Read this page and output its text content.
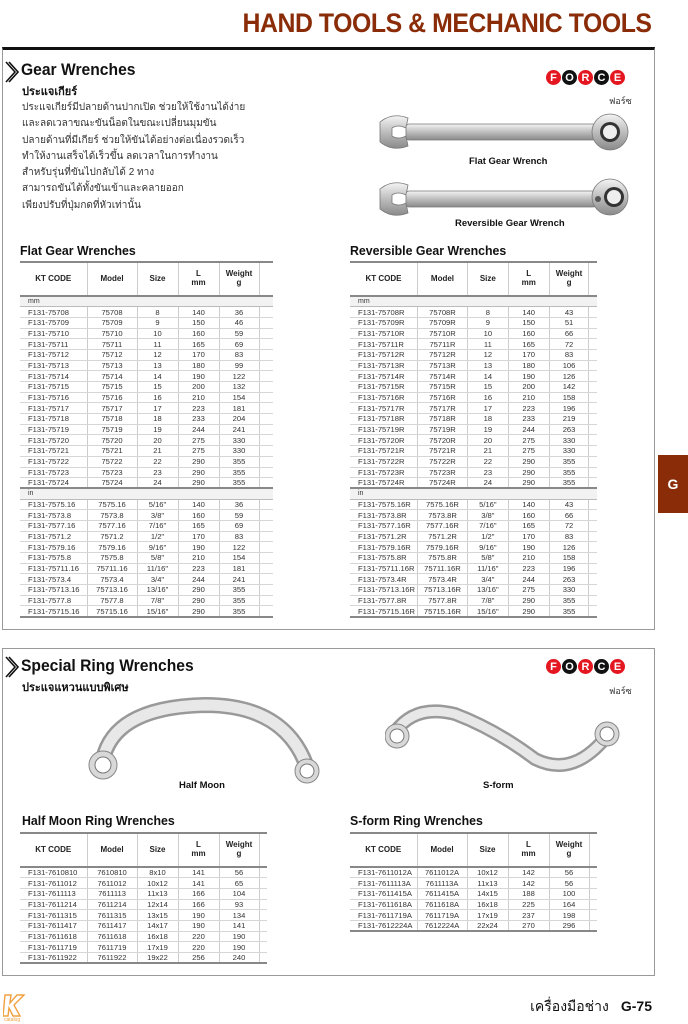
HAND TOOLS & MECHANIC TOOLS
Gear Wrenches
ประแจเกียร์
ประแจเกียร์มีปลายด้านปากเปิด ช่วยให้ใช้งานได้ง่าย
และลดเวลาขณะขันน็อตในขณะเปลี่ยนมุมขัน
ปลายด้านที่มีเกียร์ ช่วยให้ขันได้อย่างต่อเนื่องรวดเร็ว
ทำให้งานเสร็จได้เร็วขึ้น ลดเวลาในการทำงาน
สำหรับรุ่นที่ขันไปกลับได้ 2 ทาง
สามารถขันได้ทั้งขันเข้าและคลายออก
เพียงปรับที่ปุ่มกดที่หัวเท่านั้น
F O R C E
ฟอร์ซ
Flat Gear Wrench
Reversible Gear Wrench
Flat Gear Wrenches
KT CODE	Model	Size	L
mm	Weight
g	
mm					
F131-75708	75708	8	140	36	
F131-75709	75709	9	150	46	
F131-75710	75710	10	160	59	
F131-75711	75711	11	165	69	
F131-75712	75712	12	170	83	
F131-75713	75713	13	180	99	
F131-75714	75714	14	190	122	
F131-75715	75715	15	200	132	
F131-75716	75716	16	210	154	
F131-75717	75717	17	223	181	
F131-75718	75718	18	233	204	
F131-75719	75719	19	244	241	
F131-75720	75720	20	275	330	
F131-75721	75721	21	275	330	
F131-75722	75722	22	290	355	
F131-75723	75723	23	290	355	
F131-75724	75724	24	290	355	
in					
F131-7575.16	7575.16	5/16"	140	36	
F131-7573.8	7573.8	3/8"	160	59	
F131-7577.16	7577.16	7/16"	165	69	
F131-7571.2	7571.2	1/2"	170	83	
F131-7579.16	7579.16	9/16"	190	122	
F131-7575.8	7575.8	5/8"	210	154	
F131-75711.16	75711.16	11/16"	223	181	
F131-7573.4	7573.4	3/4"	244	241	
F131-75713.16	75713.16	13/16"	290	355	
F131-7577.8	7577.8	7/8"	290	355	
F131-75715.16	75715.16	15/16"	290	355	
Reversible Gear Wrenches
KT CODE	Model	Size	L
mm	Weight
g	
mm					
F131-75708R	75708R	8	140	43	
F131-75709R	75709R	9	150	51	
F131-75710R	75710R	10	160	66	
F131-75711R	75711R	11	165	72	
F131-75712R	75712R	12	170	83	
F131-75713R	75713R	13	180	106	
F131-75714R	75714R	14	190	126	
F131-75715R	75715R	15	200	142	
F131-75716R	75716R	16	210	158	
F131-75717R	75717R	17	223	196	
F131-75718R	75718R	18	233	219	
F131-75719R	75719R	19	244	263	
F131-75720R	75720R	20	275	330	
F131-75721R	75721R	21	275	330	
F131-75722R	75722R	22	290	355	
F131-75723R	75723R	23	290	355	
F131-75724R	75724R	24	290	355	
in					
F131-7575.16R	7575.16R	5/16"	140	43	
F131-7573.8R	7573.8R	3/8"	160	66	
F131-7577.16R	7577.16R	7/16"	165	72	
F131-7571.2R	7571.2R	1/2"	170	83	
F131-7579.16R	7579.16R	9/16"	190	126	
F131-7575.8R	7575.8R	5/8"	210	158	
F131-75711.16R	75711.16R	11/16"	223	196	
F131-7573.4R	7573.4R	3/4"	244	263	
F131-75713.16R	75713.16R	13/16"	275	330	
F131-7577.8R	7577.8R	7/8"	290	355	
F131-75715.16R	75715.16R	15/16"	290	355	
G
Special Ring Wrenches
ประแจแหวนแบบพิเศษ
F O R C E
ฟอร์ซ
Half Moon	S-form
Half Moon Ring Wrenches
KT CODE	Model	Size	L
mm	Weight
g	
F131-7610810	7610810	8x10	141	56	
F131-7611012	7611012	10x12	141	65	
F131-7611113	7611113	11x13	166	104	
F131-7611214	7611214	12x14	166	93	
F131-7611315	7611315	13x15	190	134	
F131-7611417	7611417	14x17	190	141	
F131-7611618	7611618	16x18	220	190	
F131-7611719	7611719	17x19	220	190	
F131-7611922	7611922	19x22	256	240	
S-form Ring Wrenches
KT CODE	Model	Size	L
mm	Weight
g	
F131-7611012A	7611012A	10x12	142	56	
F131-7611113A	7611113A	11x13	142	56	
F131-7611415A	7611415A	14x15	188	100	
F131-7611618A	7611618A	16x18	225	164	
F131-7611719A	7611719A	17x19	237	198	
F131-7612224A	7612224A	22x24	270	296	
catalog
เครื่องมือช่าง G-75
